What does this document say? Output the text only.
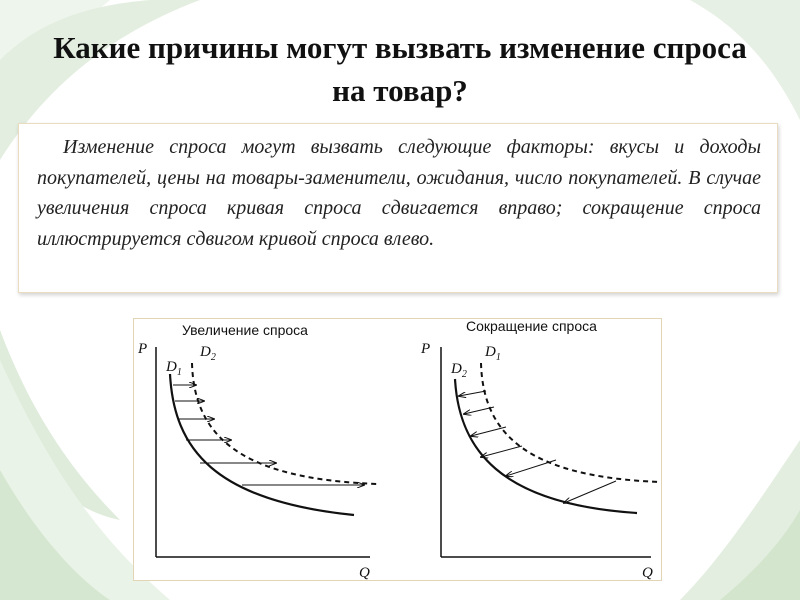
Какие причины могут вызвать изменение спроса на товар?

Изменение спроса могут вызвать следующие факторы: вкусы и доходы покупателей, цены на товары-заменители, ожидания, число покупателей. В случае увеличения спроса кривая спроса сдвигается вправо; сокращение спроса иллюстрируется сдвигом кривой спроса влево.

Увеличение спроса
P
Q
$D_1$
$D_2$
Сокращение спроса
P
Q
$D_2$
$D_1$
